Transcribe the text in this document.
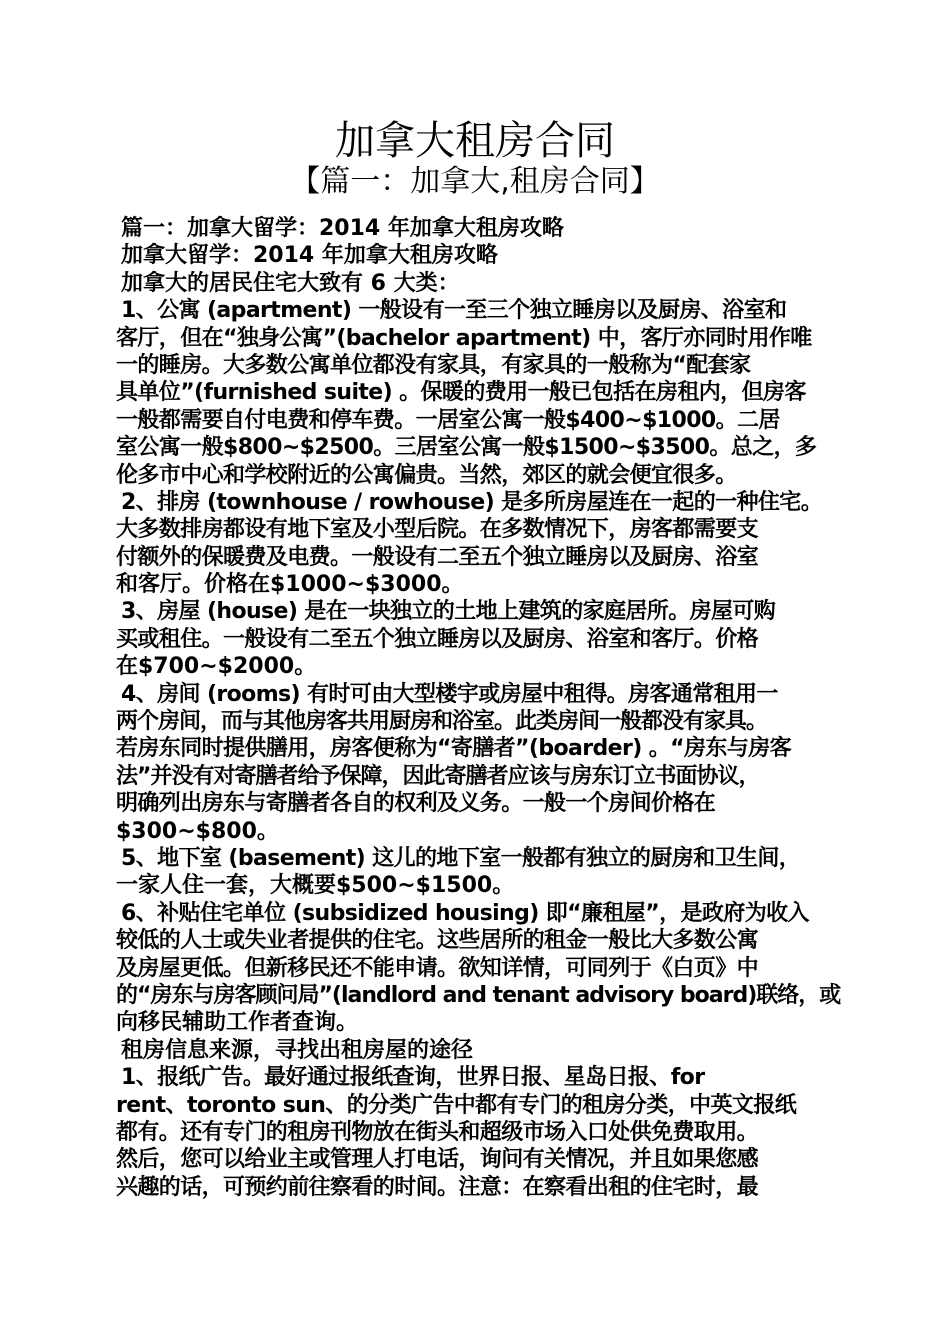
加拿大租房合同
【篇一：加拿大,租房合同】
篇一：加拿大留学：2014 年加拿大租房攻略
加拿大留学：2014 年加拿大租房攻略
加拿大的居民住宅大致有 6 大类：
1、公寓 (apartment) 一般设有一至三个独立睡房以及厨房、浴室和
客厅，但在“独身公寓”(bachelor apartment) 中，客厅亦同时用作唯
一的睡房。大多数公寓单位都没有家具，有家具的一般称为“配套家
具单位”(furnished suite) 。保暖的费用一般已包括在房租内，但房客
一般都需要自付电费和停车费。一居室公寓一般$400~$1000。二居
室公寓一般$800~$2500。三居室公寓一般$1500~$3500。总之，多
伦多市中心和学校附近的公寓偏贵。当然，郊区的就会便宜很多。
2、排房 (townhouse / rowhouse) 是多所房屋连在一起的一种住宅。
大多数排房都设有地下室及小型后院。在多数情况下，房客都需要支
付额外的保暖费及电费。一般设有二至五个独立睡房以及厨房、浴室
和客厅。价格在$1000~$3000。
3、房屋 (house) 是在一块独立的土地上建筑的家庭居所。房屋可购
买或租住。一般设有二至五个独立睡房以及厨房、浴室和客厅。价格
在$700~$2000。
4、房间 (rooms) 有时可由大型楼宇或房屋中租得。房客通常租用一
两个房间，而与其他房客共用厨房和浴室。此类房间一般都没有家具。
若房东同时提供膳用，房客便称为“寄膳者”(boarder) 。“房东与房客
法”并没有对寄膳者给予保障，因此寄膳者应该与房东订立书面协议，
明确列出房东与寄膳者各自的权利及义务。一般一个房间价格在
$300~$800。
5、地下室 (basement) 这儿的地下室一般都有独立的厨房和卫生间，
一家人住一套，大概要$500~$1500。
6、补贴住宅单位 (subsidized housing) 即“廉租屋”，是政府为收入
较低的人士或失业者提供的住宅。这些居所的租金一般比大多数公寓
及房屋更低。但新移民还不能申请。欲知详情，可同列于《白页》中
的“房东与房客顾问局”(landlord and tenant advisory board)联络，或
向移民辅助工作者查询。
租房信息来源，寻找出租房屋的途径
1、报纸广告。最好通过报纸查询，世界日报、星岛日报、for
rent、toronto sun、的分类广告中都有专门的租房分类，中英文报纸
都有。还有专门的租房刊物放在街头和超级市场入口处供免费取用。
然后，您可以给业主或管理人打电话，询问有关情况，并且如果您感
兴趣的话，可预约前往察看的时间。注意：在察看出租的住宅时，最
